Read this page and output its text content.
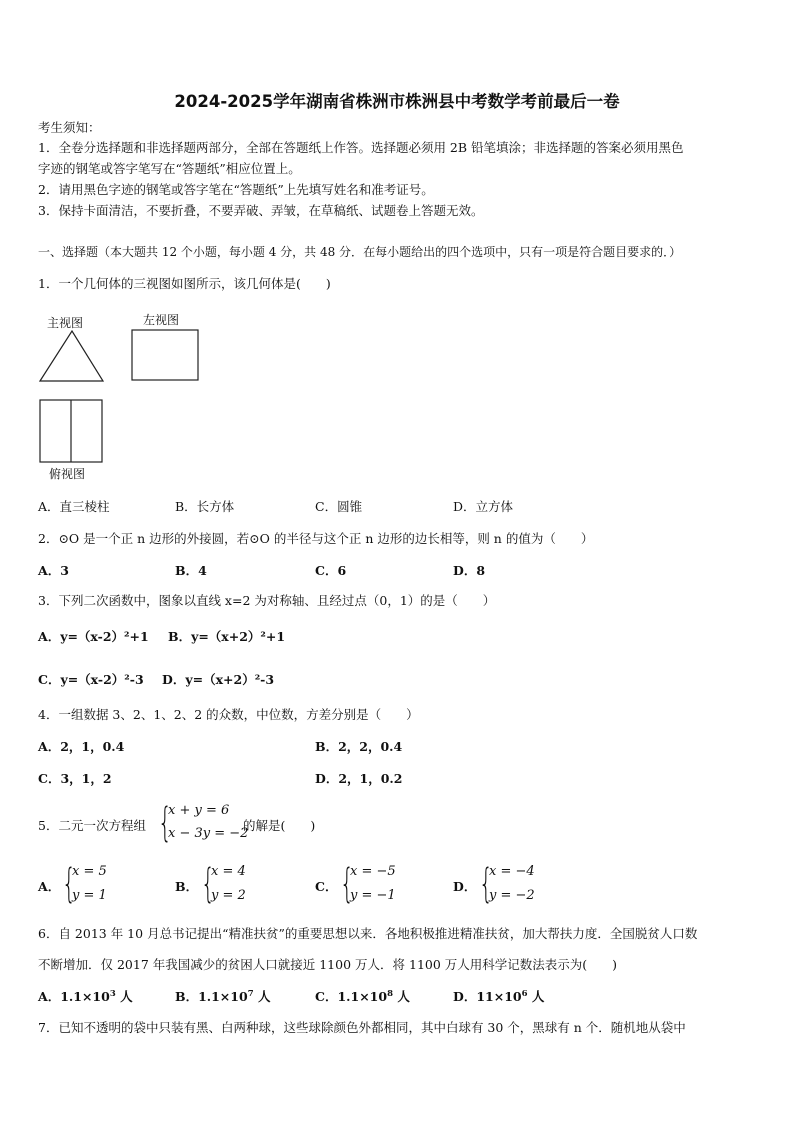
2024-2025学年湖南省株洲市株洲县中考数学考前最后一卷
考生须知：
1．全卷分选择题和非选择题两部分，全部在答题纸上作答。选择题必须用 2B 铅笔填涂；非选择题的答案必须用黑色
字迹的钢笔或答字笔写在“答题纸”相应位置上。
2．请用黑色字迹的钢笔或答字笔在“答题纸”上先填写姓名和准考证号。
3．保持卡面清洁，不要折叠，不要弄破、弄皱，在草稿纸、试题卷上答题无效。
一、选择题（本大题共 12 个小题，每小题 4 分，共 48 分．在每小题给出的四个选项中，只有一项是符合题目要求的．）
1．一个几何体的三视图如图所示，该几何体是(　　)
主视图	左视图
俯视图
A．直三棱柱	B．长方体	C．圆锥	D．立方体
2．⊙O 是一个正 n 边形的外接圆，若⊙O 的半径与这个正 n 边形的边长相等，则 n 的值为（　　）
A．3	B．4	C．6	D．8
3．下列二次函数中，图象以直线 x=2 为对称轴、且经过点（0，1）的是（　　）
A．y=（x-2）²+1 B．y=（x+2）²+1
C．y=（x-2）²-3 D．y=（x+2）²-3
4．一组数据 3、2、1、2、2 的众数，中位数，方差分别是（　　）
A．2，1，0.4	B．2，2，0.4
C．3，1，2	D．2，1，0.2
5．二元一次方程组 {
x + y = 6
x − 3y = −2
的解是(　　)
A． {
x = 5
y = 1
B． {
x = 4
y = 2
C． {
x = −5
y = −1
D． {
x = −4
y = −2
6．自 2013 年 10 月总书记提出“精准扶贫”的重要思想以来．各地积极推进精准扶贫，加大帮扶力度．全国脱贫人口数
不断增加．仅 2017 年我国减少的贫困人口就接近 1100 万人．将 1100 万人用科学记数法表示为(　　)
A．$1.1\times 10^3$ 人	B．$1.1\times 10^7$ 人	C．$1.1\times 10^8$ 人	D．$11\times 10^6$ 人
7．已知不透明的袋中只装有黑、白两种球，这些球除颜色外都相同，其中白球有 30 个，黑球有 n 个．随机地从袋中
